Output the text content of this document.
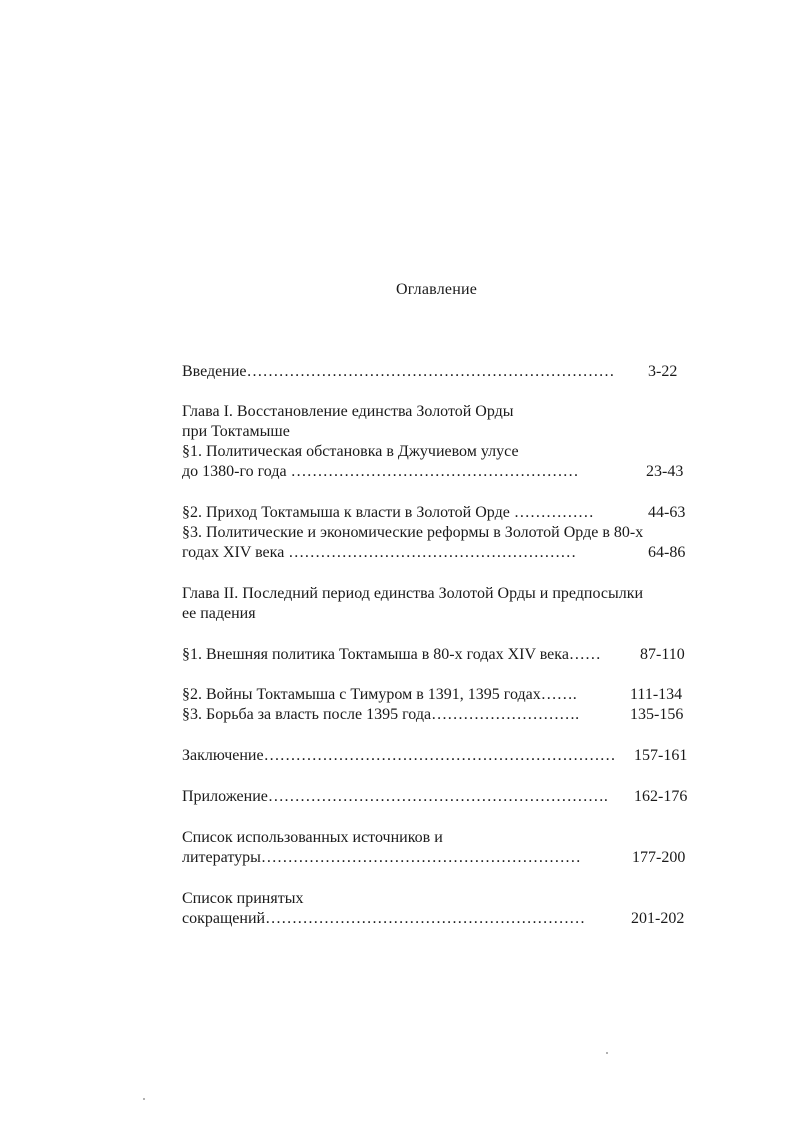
Оглавление
Введение…………………………………………………………… 3-22
Глава I. Восстановление единства Золотой Орды
при Токтамыше
§1. Политическая обстановка в Джучиевом улусе
до 1380-го года ………………………………………………	23-43
§2. Приход Токтамыша к власти в Золотой Орде ……………	44-63
§3. Политические и экономические реформы в Золотой Орде в 80-х
годах XIV века ………………………………………………	64-86
Глава II. Последний период единства Золотой Орды и предпосылки
ее падения
§1. Внешняя политика Токтамыша в 80-х годах XIV века…… 87-110
§2. Войны Токтамыша с Тимуром в 1391, 1395 годах…….	111-134
§3. Борьба за власть после 1395 года……………………….	135-156
Заключение………………………………………………………… 157-161
Приложение………………………………………………………. 162-176
Список использованных источников и
литературы……………………………………………………	177-200
Список принятых
сокращений……………………………………………………	201-202
